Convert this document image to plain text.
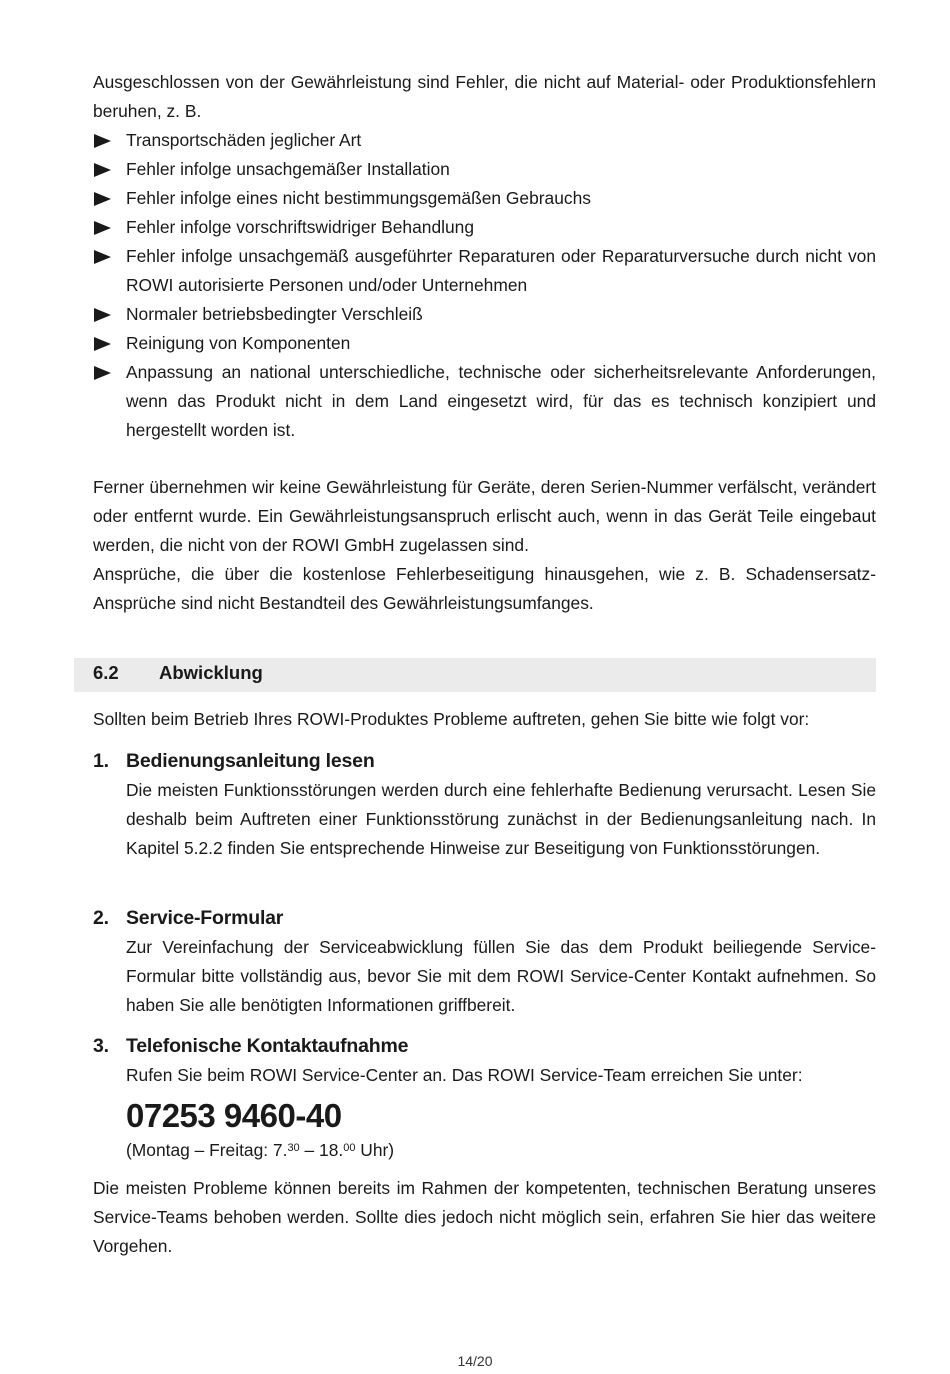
Ausgeschlossen von der Gewährleistung sind Fehler, die nicht auf Material- oder Produktionsfehlern beruhen, z. B.

Transportschäden jeglicher Art
Fehler infolge unsachgemäßer Installation
Fehler infolge eines nicht bestimmungsgemäßen Gebrauchs
Fehler infolge vorschriftswidriger Behandlung
Fehler infolge unsachgemäß ausgeführter Reparaturen oder Reparaturversuche durch nicht von ROWI autorisierte Personen und/oder Unternehmen
Normaler betriebsbedingter Verschleiß
Reinigung von Komponenten
Anpassung an national unterschiedliche, technische oder sicherheitsrelevante Anforderungen, wenn das Produkt nicht in dem Land eingesetzt wird, für das es technisch konzipiert und hergestellt worden ist.

Ferner übernehmen wir keine Gewährleistung für Geräte, deren Serien-Nummer verfälscht, verändert oder entfernt wurde. Ein Gewährleistungsanspruch erlischt auch, wenn in das Gerät Teile eingebaut werden, die nicht von der ROWI GmbH zugelassen sind.

Ansprüche, die über die kostenlose Fehlerbeseitigung hinausgehen, wie z. B. Schadensersatz-Ansprüche sind nicht Bestandteil des Gewährleistungsumfanges.

6.2 Abwicklung
Sollten beim Betrieb Ihres ROWI-Produktes Probleme auftreten, gehen Sie bitte wie folgt vor:
1. Bedienungsanleitung lesen

Die meisten Funktionsstörungen werden durch eine fehlerhafte Bedienung verursacht. Lesen Sie deshalb beim Auftreten einer Funktionsstörung zunächst in der Bedienungsanleitung nach. In Kapitel 5.2.2 finden Sie entsprechende Hinweise zur Beseitigung von Funktionsstörungen.

2. Service-Formular

Zur Vereinfachung der Serviceabwicklung füllen Sie das dem Produkt beiliegende Service-Formular bitte vollständig aus, bevor Sie mit dem ROWI Service-Center Kontakt aufnehmen. So haben Sie alle benötigten Informationen griffbereit.

3. Telefonische Kontaktaufnahme

Rufen Sie beim ROWI Service-Center an. Das ROWI Service-Team erreichen Sie unter:

07253 9460-40
(Montag – Freitag: 7.30 – 18.00 Uhr)
Die meisten Probleme können bereits im Rahmen der kompetenten, technischen Beratung unseres Service-Teams behoben werden. Sollte dies jedoch nicht möglich sein, erfahren Sie hier das weitere Vorgehen.
14/20
